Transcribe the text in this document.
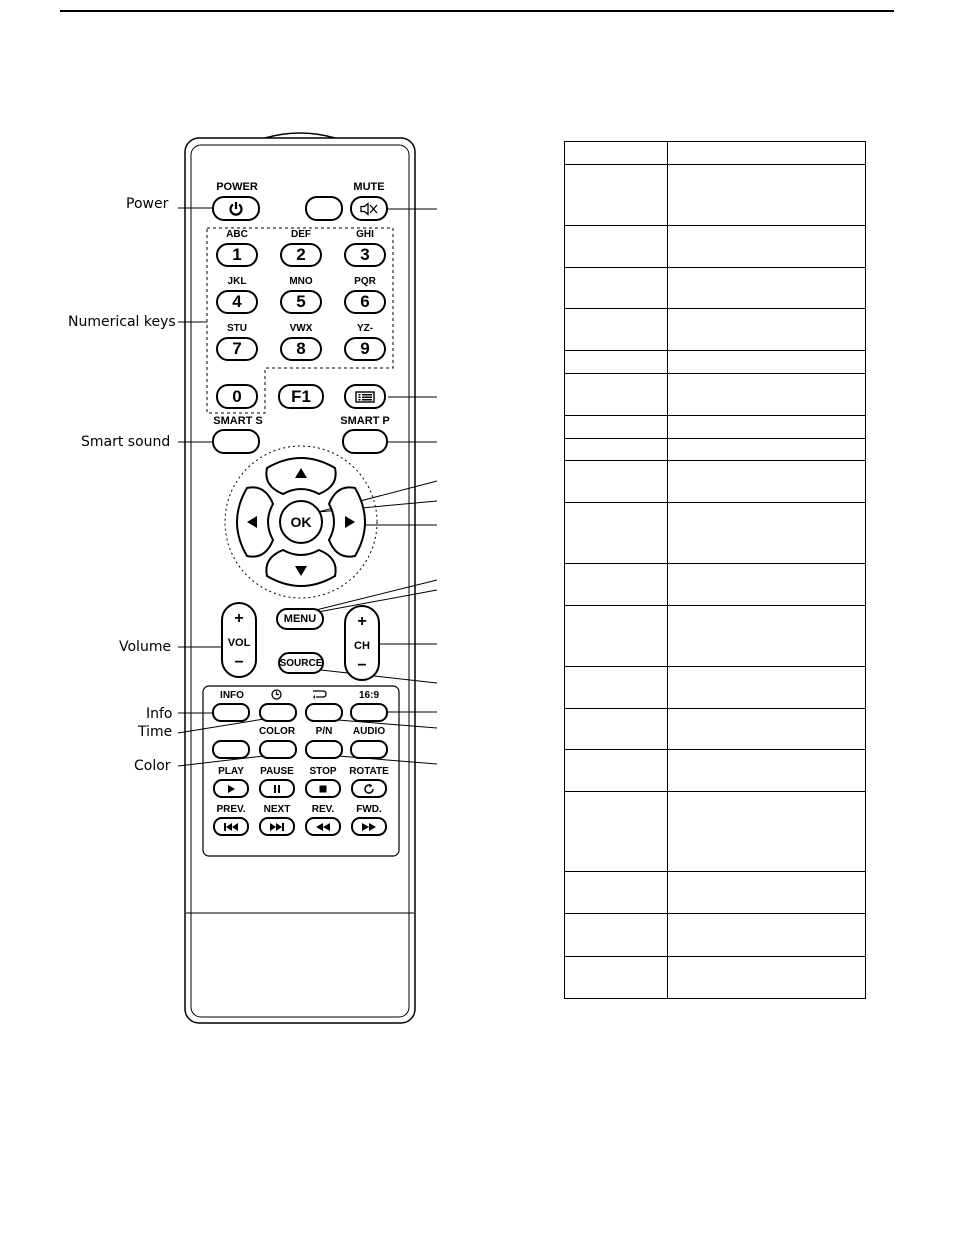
Power
Numerical keys
Smart sound
Volume
Info
Time
Color
POWER	MUTE
ABC
1
DEF
2
GHI
3
JKL
4
MNO
5
PQR
6
STU
7
VWX
8
YZ-
9
0	F1
SMART S	SMART P
OK
+
VOL
−
+
CH
−
MENU
SOURCE
INFO	16:9
COLOR P/N AUDIO
PLAY PAUSE STOP ROTATE
PREV. NEXT REV. FWD.
